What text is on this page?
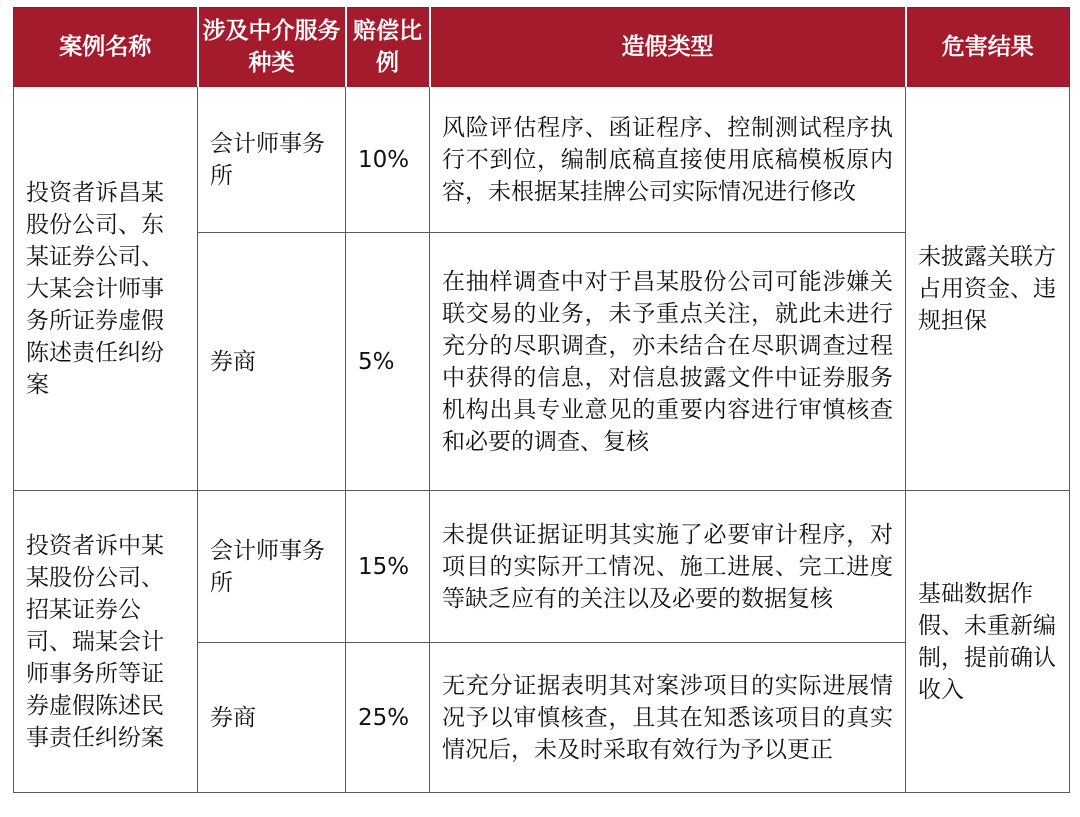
案例名称	涉及中介服务种类	赔偿比例	造假类型	危害结果
投资者诉昌某股份公司、东某证券公司、大某会计师事务所证券虚假陈述责任纠纷案	会计师事务所	10%	风险评估程序、函证程序、控制测试程序执行不到位，编制底稿直接使用底稿模板原内容，未根据某挂牌公司实际情况进行修改	未披露关联方占用资金、违规担保
	券商	5%	在抽样调查中对于昌某股份公司可能涉嫌关联交易的业务，未予重点关注，就此未进行充分的尽职调查，亦未结合在尽职调查过程中获得的信息，对信息披露文件中证券服务机构出具专业意见的重要内容进行审慎核查和必要的调查、复核	
投资者诉中某某股份公司、招某证券公司、瑞某会计师事务所等证券虚假陈述民事责任纠纷案	会计师事务所	15%	未提供证据证明其实施了必要审计程序，对项目的实际开工情况、施工进展、完工进度等缺乏应有的关注以及必要的数据复核	基础数据作假、未重新编制，提前确认收入
	券商	25%	无充分证据表明其对案涉项目的实际进展情况予以审慎核查，且其在知悉该项目的真实情况后，未及时采取有效行为予以更正	
